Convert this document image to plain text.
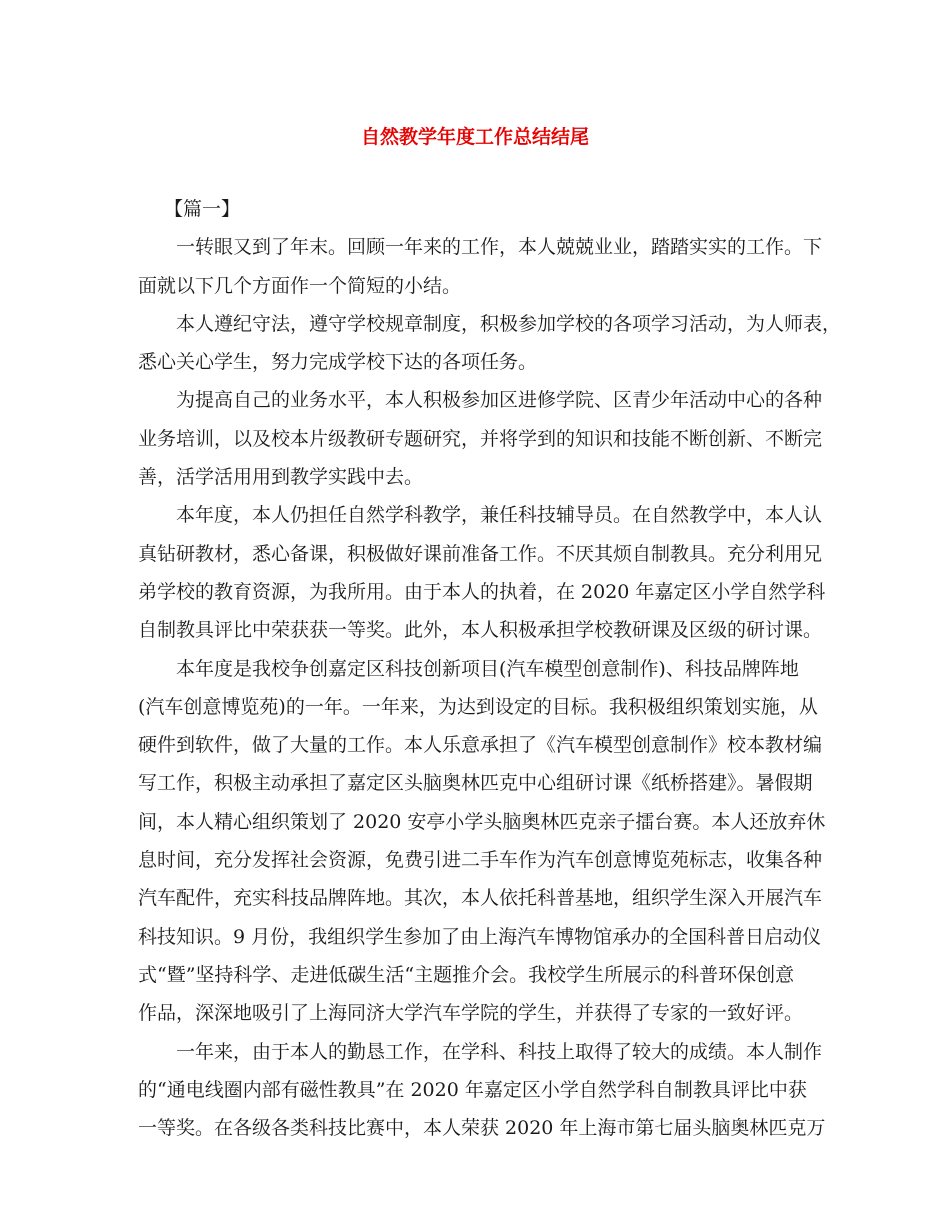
自然教学年度工作总结结尾
【篇一】
一转眼又到了年末。回顾一年来的工作，本人兢兢业业，踏踏实实的工作。下
面就以下几个方面作一个简短的小结。
本人遵纪守法，遵守学校规章制度，积极参加学校的各项学习活动，为人师表，
悉心关心学生，努力完成学校下达的各项任务。
为提高自己的业务水平，本人积极参加区进修学院、区青少年活动中心的各种
业务培训，以及校本片级教研专题研究，并将学到的知识和技能不断创新、不断完
善，活学活用用到教学实践中去。
本年度，本人仍担任自然学科教学，兼任科技辅导员。在自然教学中，本人认
真钻研教材，悉心备课，积极做好课前准备工作。不厌其烦自制教具。充分利用兄
弟学校的教育资源，为我所用。由于本人的执着，在 2020 年嘉定区小学自然学科
自制教具评比中荣获获一等奖。此外，本人积极承担学校教研课及区级的研讨课。
本年度是我校争创嘉定区科技创新项目(汽车模型创意制作)、科技品牌阵地
(汽车创意博览苑)的一年。一年来，为达到设定的目标。我积极组织策划实施，从
硬件到软件，做了大量的工作。本人乐意承担了《汽车模型创意制作》校本教材编
写工作，积极主动承担了嘉定区头脑奥林匹克中心组研讨课《纸桥搭建》。暑假期
间，本人精心组织策划了 2020 安亭小学头脑奥林匹克亲子擂台赛。本人还放弃休
息时间，充分发挥社会资源，免费引进二手车作为汽车创意博览苑标志，收集各种
汽车配件，充实科技品牌阵地。其次，本人依托科普基地，组织学生深入开展汽车
科技知识。9 月份，我组织学生参加了由上海汽车博物馆承办的全国科普日启动仪
式“暨”坚持科学、走进低碳生活“主题推介会。我校学生所展示的科普环保创意
作品，深深地吸引了上海同济大学汽车学院的学生，并获得了专家的一致好评。
一年来，由于本人的勤恳工作，在学科、科技上取得了较大的成绩。本人制作
的“通电线圈内部有磁性教具”在 2020 年嘉定区小学自然学科自制教具评比中获
一等奖。在各级各类科技比赛中，本人荣获 2020 年上海市第七届头脑奥林匹克万
